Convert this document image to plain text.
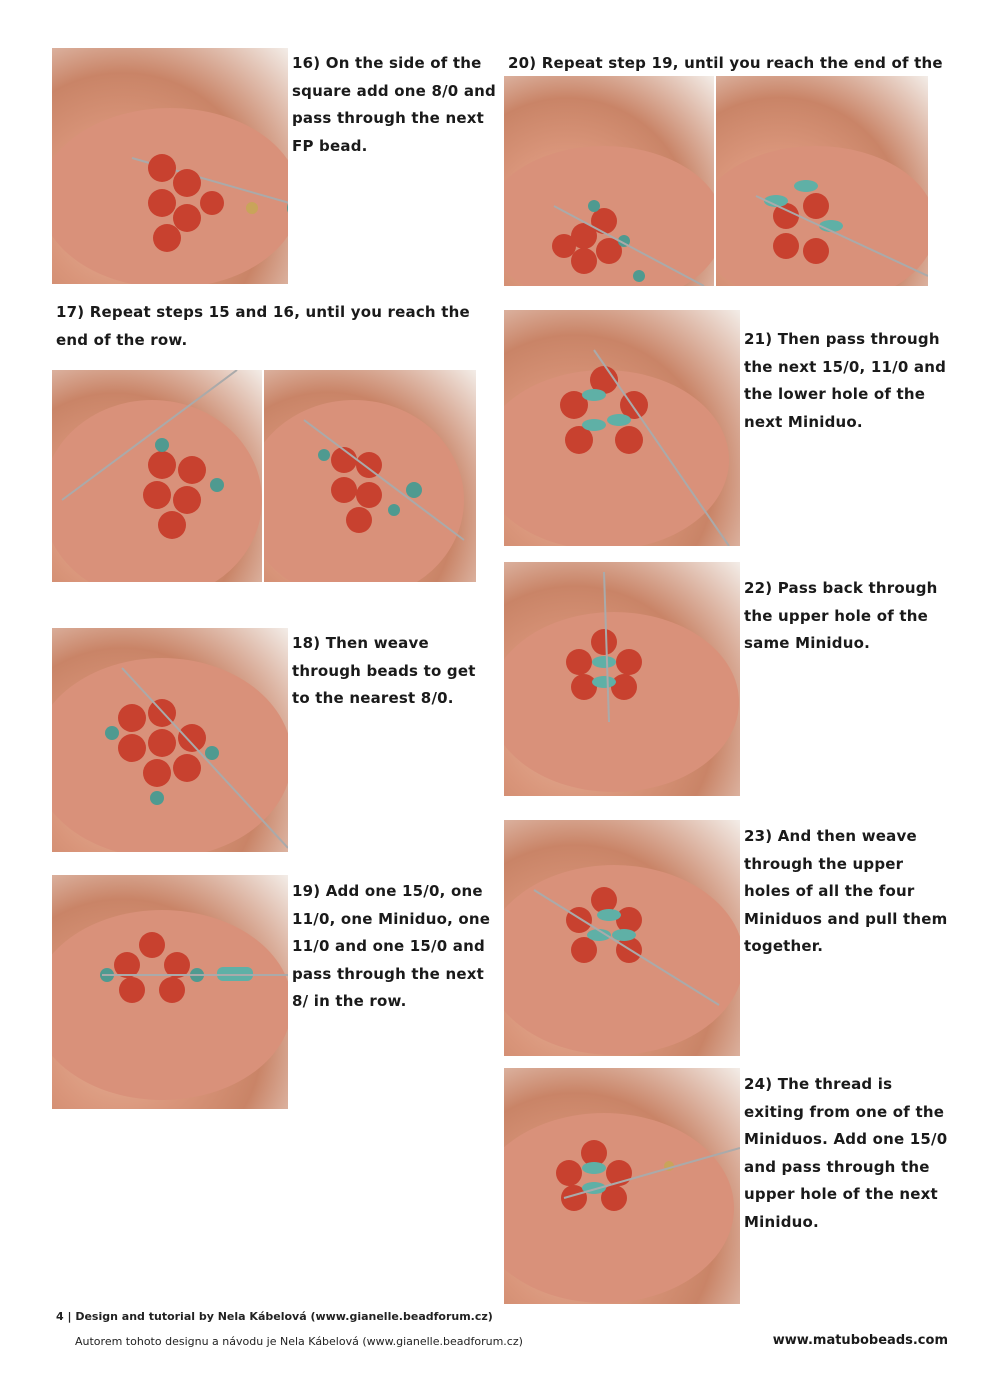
16) On the side of the square add one 8/0 and pass through the next FP bead.
20) Repeat step 19, until you reach the end of the
17) Repeat steps 15 and 16, until you reach the end of the row.
18) Then weave through beads to get to the nearest 8/0.
21) Then pass through the next 15/0, 11/0 and the lower hole of the next Miniduo.
22) Pass back through the upper hole of the same Miniduo.
19) Add one 15/0, one 11/0, one Miniduo, one 11/0 and one 15/0 and pass through the next 8/ in the row.
23) And then weave through the upper holes of all the four Miniduos and pull them together.
24) The thread is exiting from one of the Miniduos. Add one 15/0 and pass through the upper hole of the next Miniduo.
4 | Design and tutorial by Nela Kábelová (www.gianelle.beadforum.cz)
Autorem tohoto designu a návodu je Nela Kábelová (www.gianelle.beadforum.cz)	www.matubobeads.com
